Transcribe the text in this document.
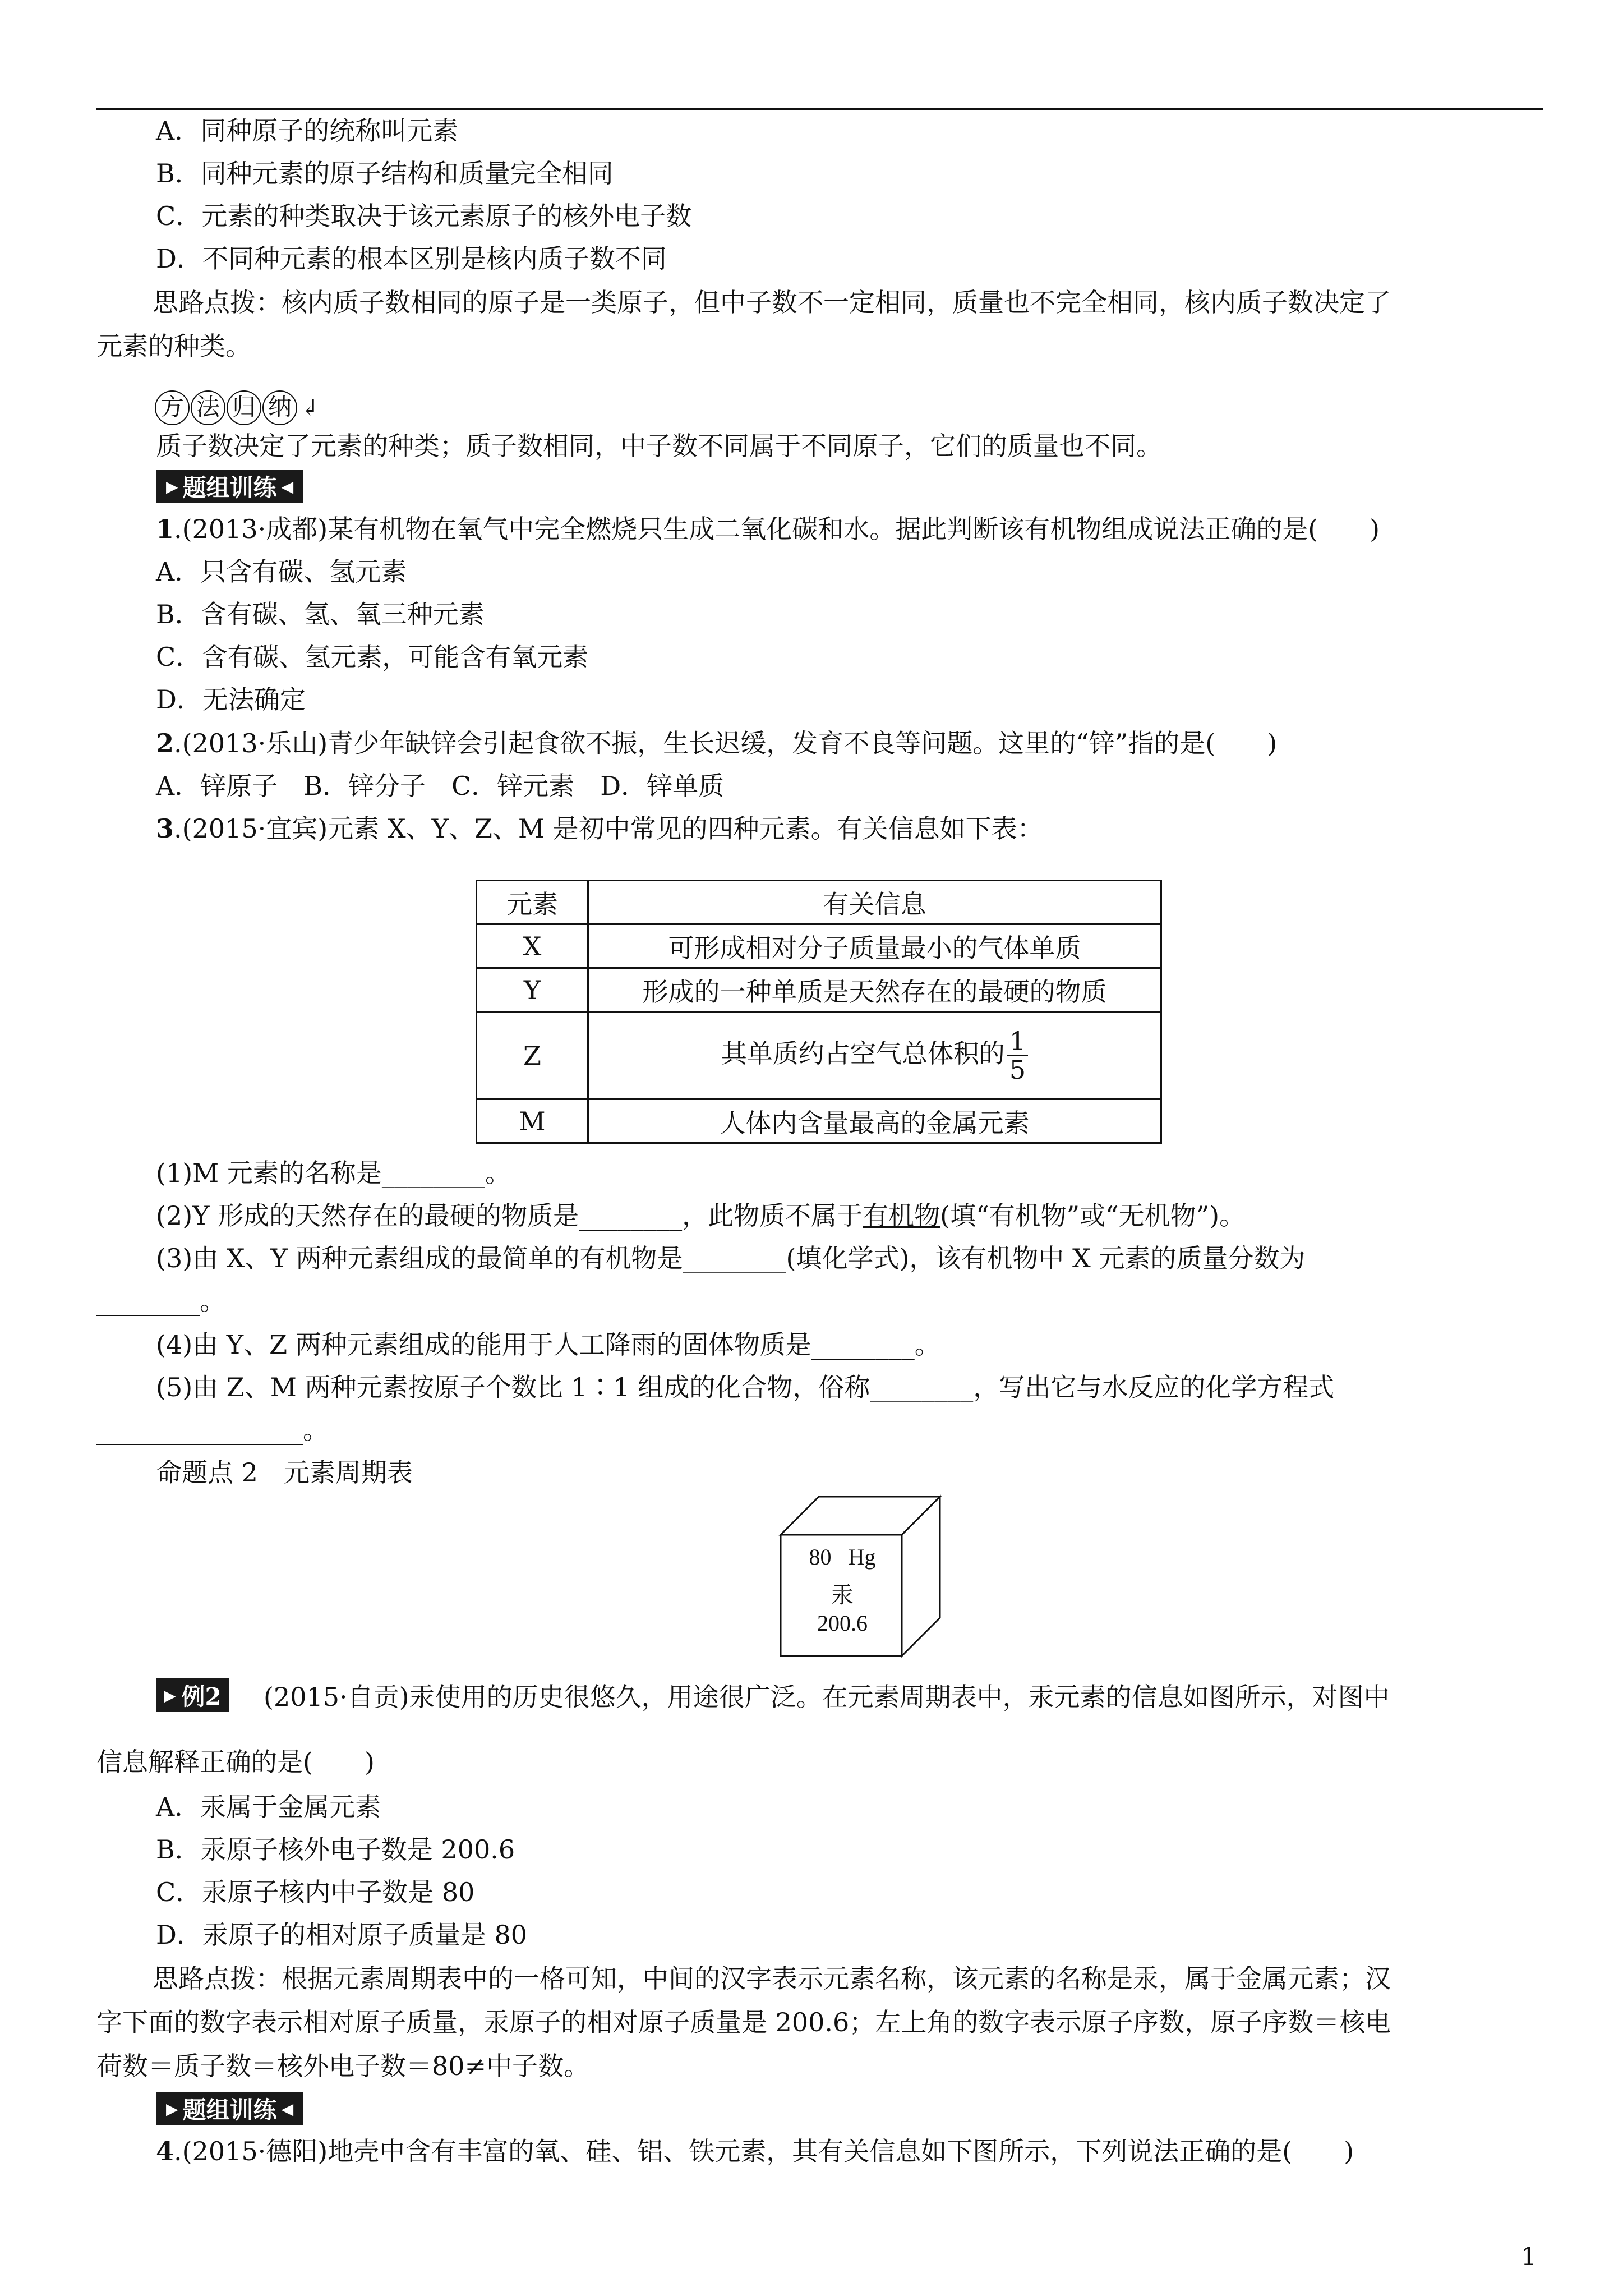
A．同种原子的统称叫元素
B．同种元素的原子结构和质量完全相同
C．元素的种类取决于该元素原子的核外电子数
D．不同种元素的根本区别是核内质子数不同
思路点拨：核内质子数相同的原子是一类原子，但中子数不一定相同，质量也不完全相同，核内质子数决定了
元素的种类。
方 法 归 纳 ↲
质子数决定了元素的种类；质子数相同，中子数不同属于不同原子，它们的质量也不同。
▶ 题组训练 ◀
1.(2013·成都)某有机物在氧气中完全燃烧只生成二氧化碳和水。据此判断该有机物组成说法正确的是(　　)
A．只含有碳、氢元素
B．含有碳、氢、氧三种元素
C．含有碳、氢元素，可能含有氧元素
D．无法确定
2.(2013·乐山)青少年缺锌会引起食欲不振，生长迟缓，发育不良等问题。这里的“锌”指的是(　　)
A．锌原子　B．锌分子　C．锌元素　D．锌单质
3.(2015·宜宾)元素 X、Y、Z、M 是初中常见的四种元素。有关信息如下表：
元素	有关信息
X	可形成相对分子质量最小的气体单质
Y	形成的一种单质是天然存在的最硬的物质
Z	其单质约占空气总体积的 $\frac{1}{5}$

M	人体内含量最高的金属元素
(1)M 元素的名称是________。
(2)Y 形成的天然存在的最硬的物质是________，此物质不属于有机物(填“有机物”或“无机物”)。
(3)由 X、Y 两种元素组成的最简单的有机物是________(填化学式)，该有机物中 X 元素的质量分数为
________。
(4)由 Y、Z 两种元素组成的能用于人工降雨的固体物质是________。
(5)由 Z、M 两种元素按原子个数比 1∶1 组成的化合物，俗称________，写出它与水反应的化学方程式
________________。
命题点 2　元素周期表
80 Hg
汞
200.6
▶ 例2 (2015·自贡)汞使用的历史很悠久，用途很广泛。在元素周期表中，汞元素的信息如图所示，对图中
信息解释正确的是(　　)
A．汞属于金属元素
B．汞原子核外电子数是 200.6
C．汞原子核内中子数是 80
D．汞原子的相对原子质量是 80
思路点拨：根据元素周期表中的一格可知，中间的汉字表示元素名称，该元素的名称是汞，属于金属元素；汉
字下面的数字表示相对原子质量，汞原子的相对原子质量是 200.6；左上角的数字表示原子序数，原子序数＝核电
荷数＝质子数＝核外电子数＝80≠中子数。
▶ 题组训练 ◀
4.(2015·德阳)地壳中含有丰富的氧、硅、铝、铁元素，其有关信息如下图所示，下列说法正确的是(　　)
1
